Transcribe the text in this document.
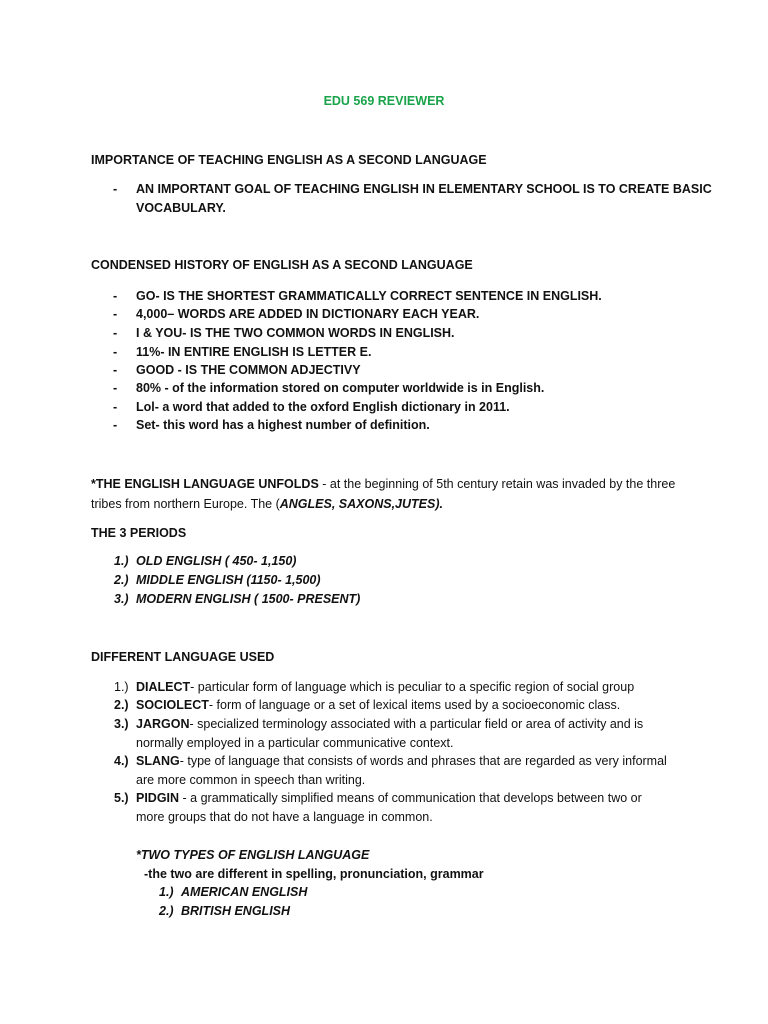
EDU 569 REVIEWER
IMPORTANCE OF TEACHING ENGLISH AS A SECOND LANGUAGE
- AN IMPORTANT GOAL OF TEACHING ENGLISH IN ELEMENTARY SCHOOL IS TO CREATE BASIC
VOCABULARY.
CONDENSED HISTORY OF ENGLISH AS A SECOND LANGUAGE
- GO- IS THE SHORTEST GRAMMATICALLY CORRECT SENTENCE IN ENGLISH.
- 4,000– WORDS ARE ADDED IN DICTIONARY EACH YEAR.
- I & YOU- IS THE TWO COMMON WORDS IN ENGLISH.
- 11%- IN ENTIRE ENGLISH IS LETTER E.
- GOOD - IS THE COMMON ADJECTIVY
- 80% - of the information stored on computer worldwide is in English.
- Lol- a word that added to the oxford English dictionary in 2011.
- Set- this word has a highest number of definition.
*THE ENGLISH LANGUAGE UNFOLDS - at the beginning of 5th century retain was invaded by the three
tribes from northern Europe. The (ANGLES, SAXONS,JUTES).
THE 3 PERIODS
1.) OLD ENGLISH ( 450- 1,150)
2.) MIDDLE ENGLISH (1150- 1,500)
3.) MODERN ENGLISH ( 1500- PRESENT)
DIFFERENT LANGUAGE USED
1.) DIALECT- particular form of language which is peculiar to a specific region of social group
2.) SOCIOLECT- form of language or a set of lexical items used by a socioeconomic class.
3.) JARGON- specialized terminology associated with a particular field or area of activity and is
normally employed in a particular communicative context.
4.) SLANG- type of language that consists of words and phrases that are regarded as very informal
are more common in speech than writing.
5.) PIDGIN - a grammatically simplified means of communication that develops between two or
more groups that do not have a language in common.
*TWO TYPES OF ENGLISH LANGUAGE
-the two are different in spelling, pronunciation, grammar
1.) AMERICAN ENGLISH
2.) BRITISH ENGLISH
